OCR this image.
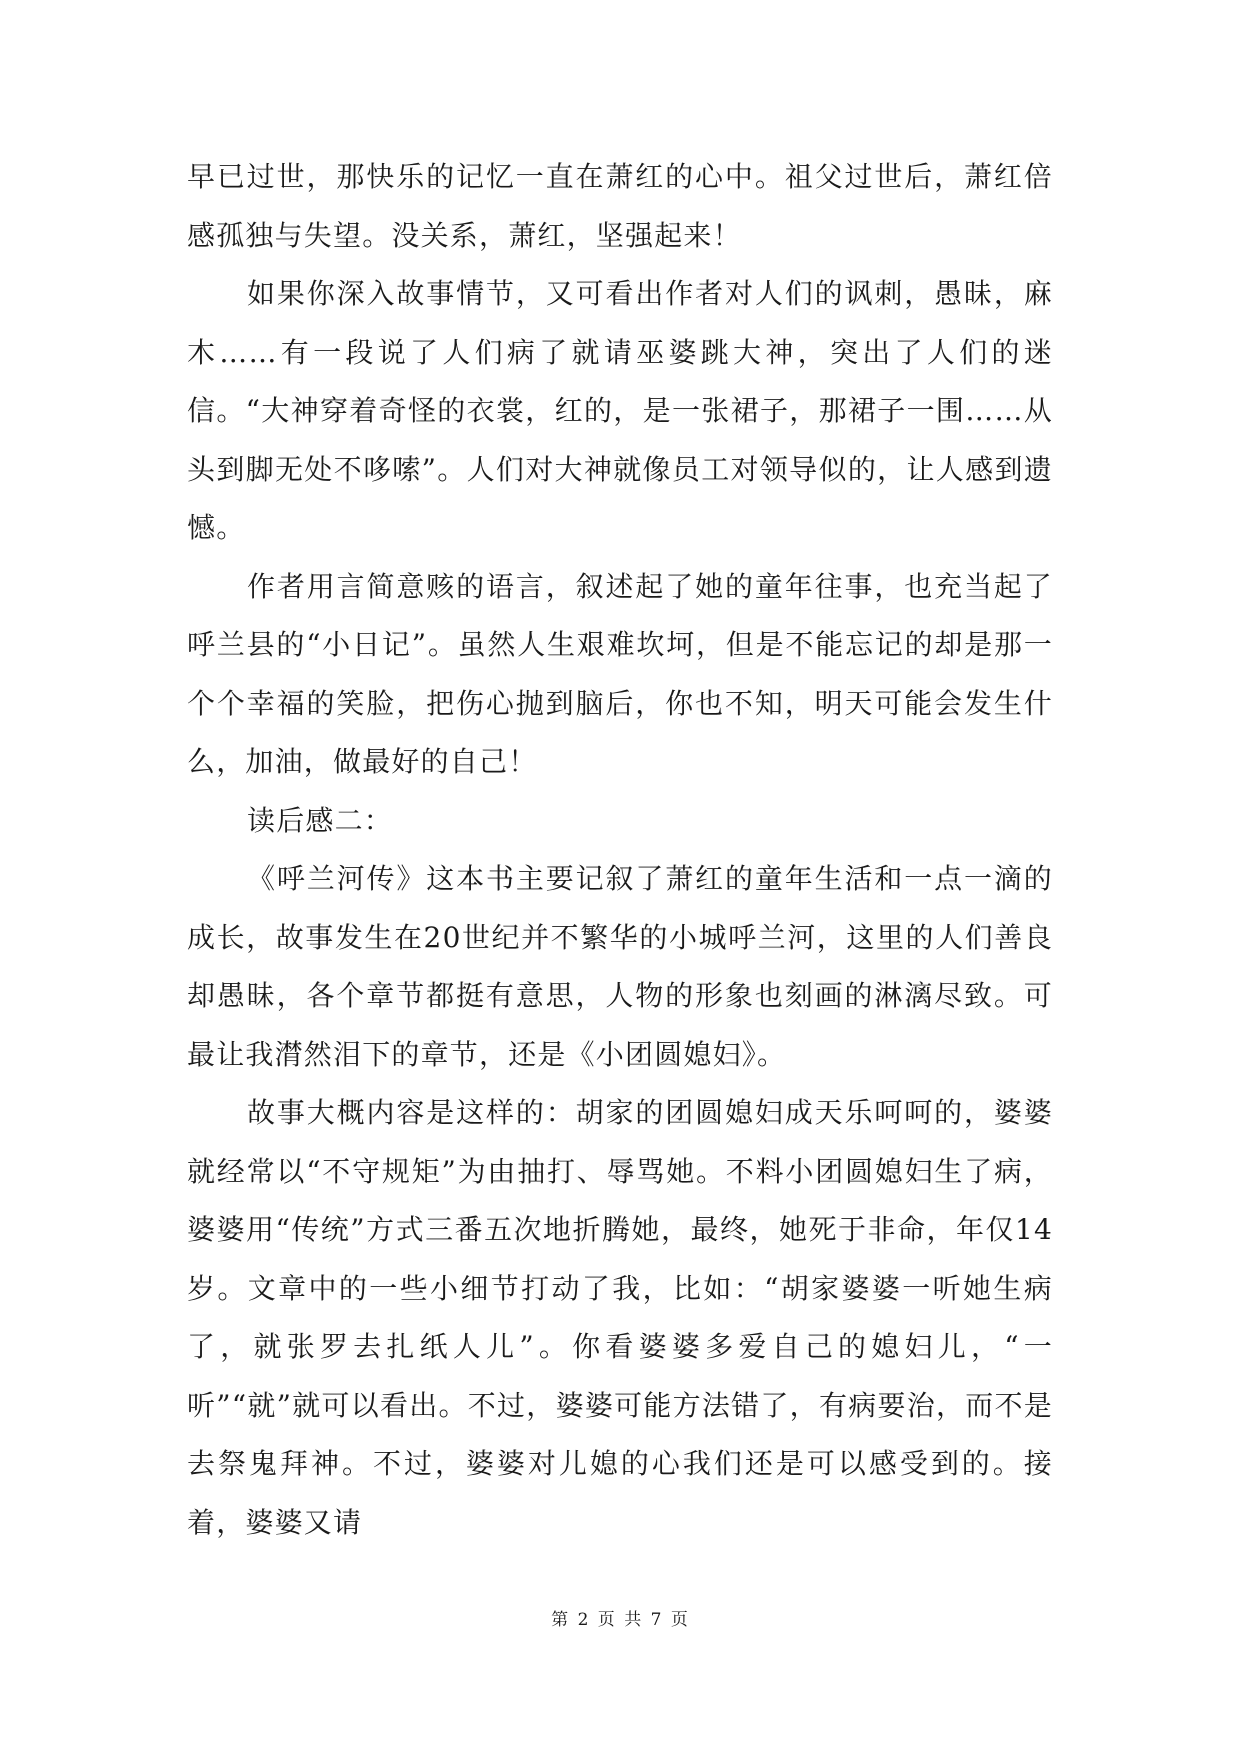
早已过世，那快乐的记忆一直在萧红的心中。祖父过世后，萧红倍感孤独与失望。没关系，萧红，坚强起来！

如果你深入故事情节，又可看出作者对人们的讽刺，愚昧，麻木……有一段说了人们病了就请巫婆跳大神，突出了人们的迷信。“大神穿着奇怪的衣裳，红的，是一张裙子，那裙子一围……从头到脚无处不哆嗦”。人们对大神就像员工对领导似的，让人感到遗憾。

作者用言简意赅的语言，叙述起了她的童年往事，也充当起了呼兰县的“小日记”。虽然人生艰难坎坷，但是不能忘记的却是那一个个幸福的笑脸，把伤心抛到脑后，你也不知，明天可能会发生什么，加油，做最好的自己！

读后感二：

《呼兰河传》这本书主要记叙了萧红的童年生活和一点一滴的成长，故事发生在20世纪并不繁华的小城呼兰河，这里的人们善良却愚昧，各个章节都挺有意思，人物的形象也刻画的淋漓尽致。可最让我潸然泪下的章节，还是《小团圆媳妇》。

故事大概内容是这样的：胡家的团圆媳妇成天乐呵呵的，婆婆就经常以“不守规矩”为由抽打、辱骂她。不料小团圆媳妇生了病，婆婆用“传统”方式三番五次地折腾她，最终，她死于非命，年仅14岁。文章中的一些小细节打动了我，比如：“胡家婆婆一听她生病了，就张罗去扎纸人儿”。你看婆婆多爱自己的媳妇儿，“一听”“就”就可以看出。不过，婆婆可能方法错了，有病要治，而不是去祭鬼拜神。不过，婆婆对儿媳的心我们还是可以感受到的。接着，婆婆又请

第 2 页 共 7 页
